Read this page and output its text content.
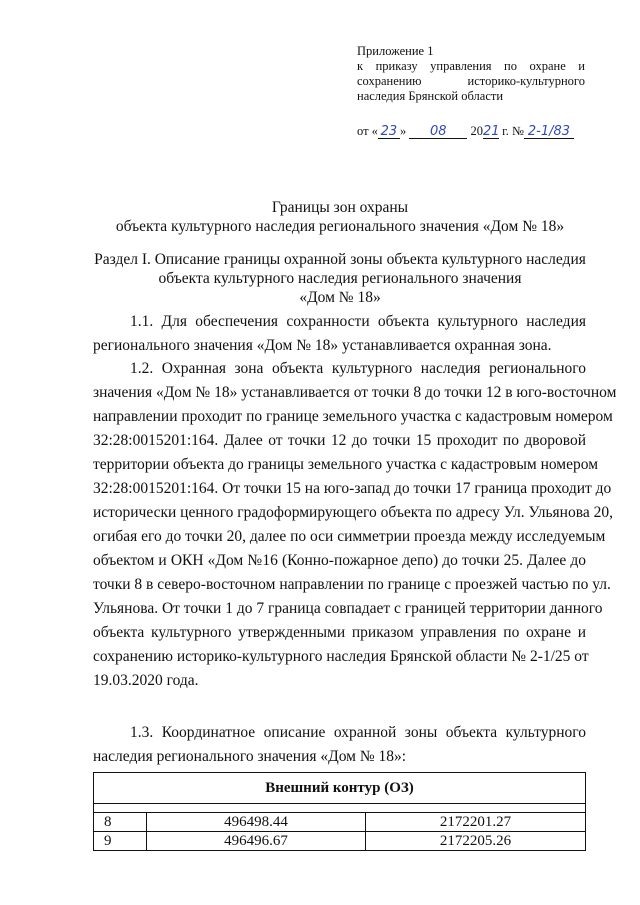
Приложение 1
к приказу управления по охране и
сохранению историко-культурного
наследия Брянской области
от « 23 » 08 2021 г. № 2-1/83
Границы зон охраны
объекта культурного наследия регионального значения «Дом № 18»
Раздел I. Описание границы охранной зоны объекта культурного наследия
объекта культурного наследия регионального значения
«Дом № 18»
1.1. Для обеспечения сохранности объекта культурного наследия
регионального значения «Дом № 18» устанавливается охранная зона.
1.2. Охранная зона объекта культурного наследия регионального
значения «Дом № 18» устанавливается от точки 8 до точки 12 в юго-восточном
направлении проходит по границе земельного участка с кадастровым номером
32:28:0015201:164. Далее от точки 12 до точки 15 проходит по дворовой
территории объекта до границы земельного участка с кадастровым номером
32:28:0015201:164. От точки 15 на юго-запад до точки 17 граница проходит до
исторически ценного градоформирующего объекта по адресу Ул. Ульянова 20,
огибая его до точки 20, далее по оси симметрии проезда между исследуемым
объектом и ОКН «Дом №16 (Конно-пожарное депо) до точки 25. Далее до
точки 8 в северо-восточном направлении по границе с проезжей частью по ул.
Ульянова. От точки 1 до 7 граница совпадает с границей территории данного
объекта культурного утвержденными приказом управления по охране и
сохранению историко-культурного наследия Брянской области № 2-1/25 от
19.03.2020 года.
1.3. Координатное описание охранной зоны объекта культурного
наследия регионального значения «Дом № 18»:
Внешний контур (ОЗ)		

8	496498.44	2172201.27
9	496496.67	2172205.26
